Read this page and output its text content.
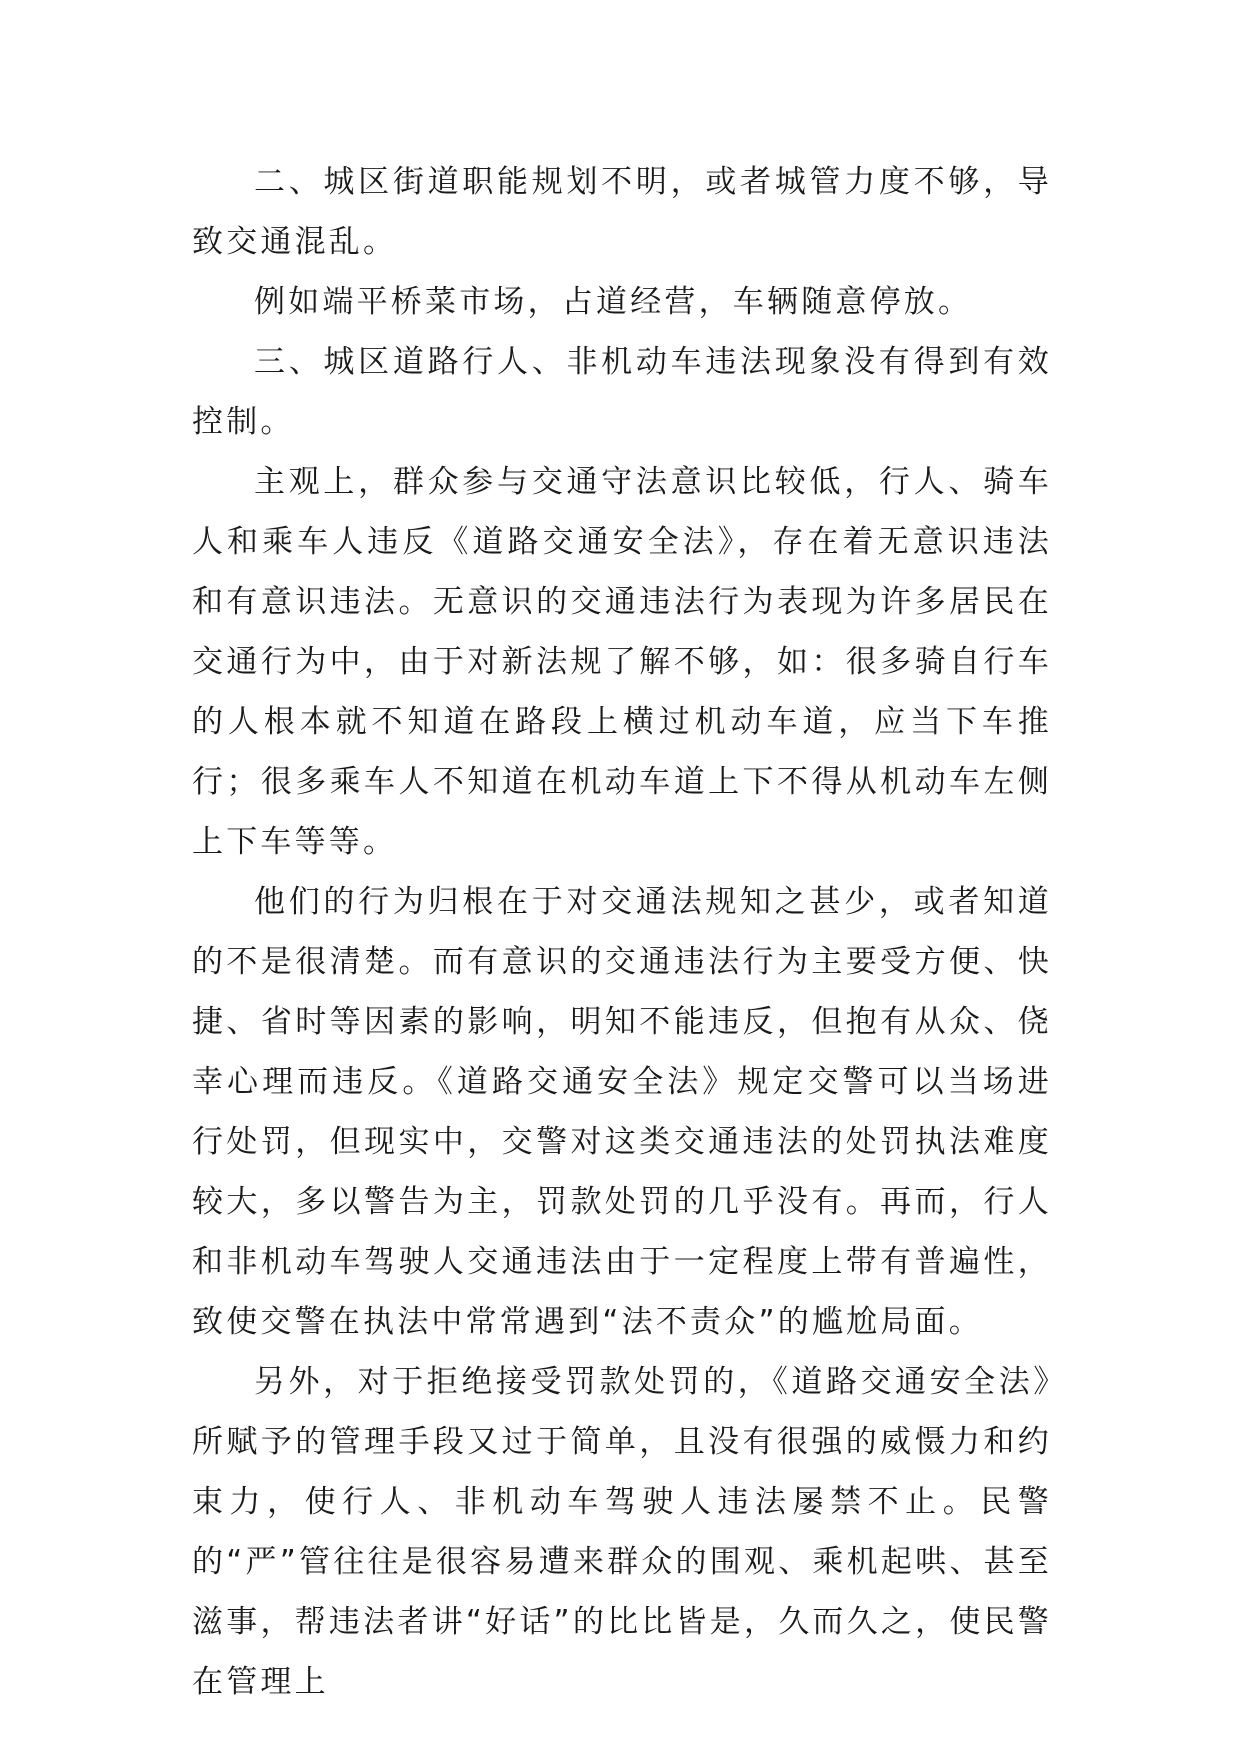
二、城区街道职能规划不明，或者城管力度不够，导致交通混乱。

例如端平桥菜市场，占道经营，车辆随意停放。

三、城区道路行人、非机动车违法现象没有得到有效控制。

主观上，群众参与交通守法意识比较低，行人、骑车人和乘车人违反《道路交通安全法》，存在着无意识违法和有意识违法。无意识的交通违法行为表现为许多居民在交通行为中，由于对新法规了解不够，如：很多骑自行车的人根本就不知道在路段上横过机动车道，应当下车推行；很多乘车人不知道在机动车道上下不得从机动车左侧上下车等等。

他们的行为归根在于对交通法规知之甚少，或者知道的不是很清楚。而有意识的交通违法行为主要受方便、快捷、省时等因素的影响，明知不能违反，但抱有从众、侥幸心理而违反。《道路交通安全法》规定交警可以当场进行处罚，但现实中，交警对这类交通违法的处罚执法难度较大，多以警告为主，罚款处罚的几乎没有。再而，行人和非机动车驾驶人交通违法由于一定程度上带有普遍性，致使交警在执法中常常遇到“法不责众”的尴尬局面。

另外，对于拒绝接受罚款处罚的，《道路交通安全法》所赋予的管理手段又过于简单，且没有很强的威慑力和约束力，使行人、非机动车驾驶人违法屡禁不止。民警的“严”管往往是很容易遭来群众的围观、乘机起哄、甚至滋事，帮违法者讲“好话”的比比皆是，久而久之，使民警在管理上
